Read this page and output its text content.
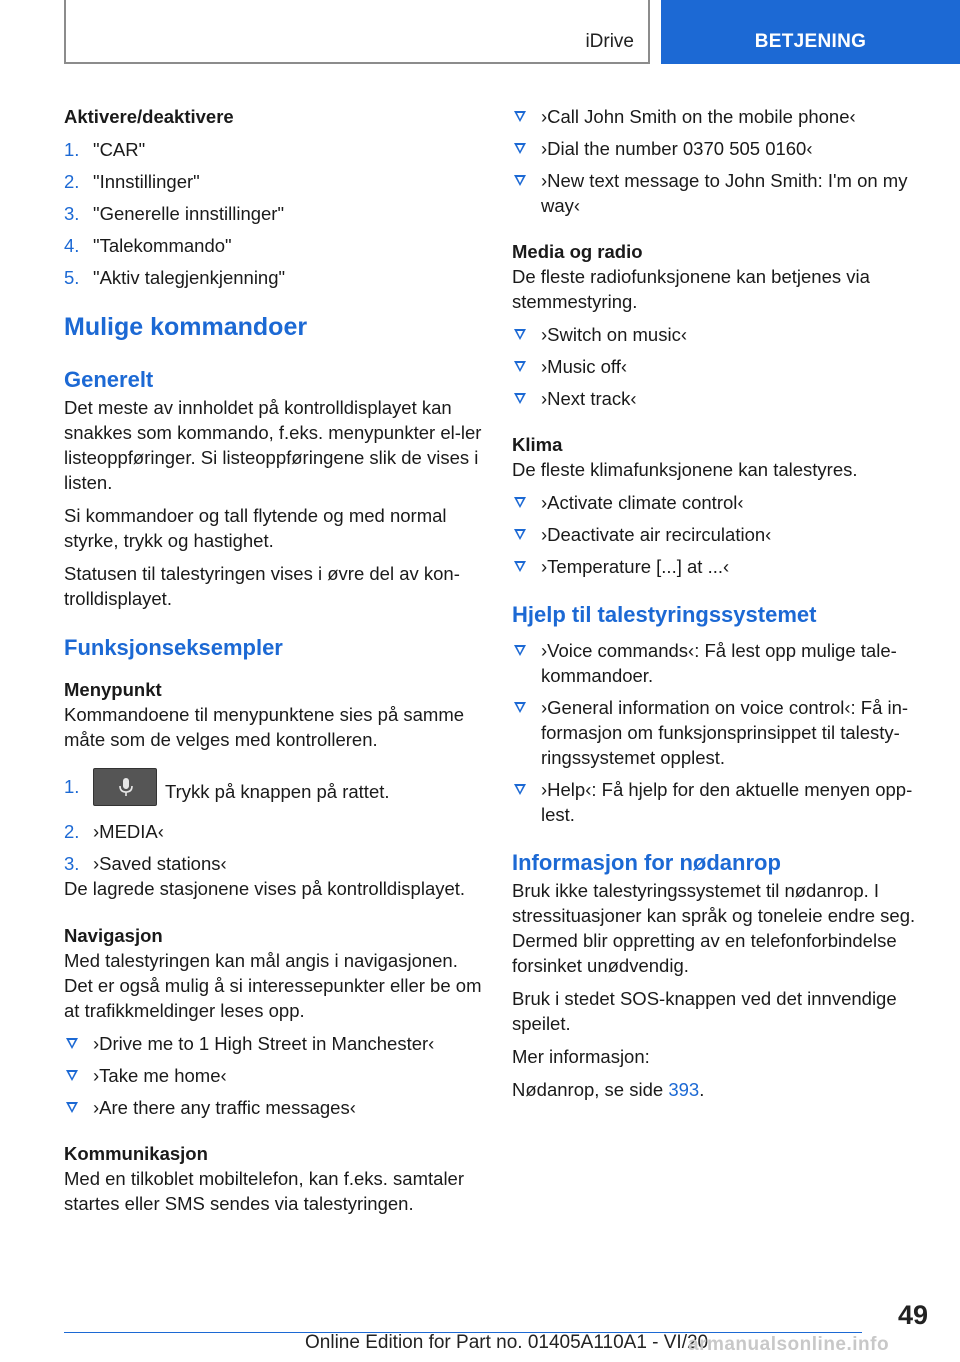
iDrive	BETJENING
Aktivere/deaktivere
1. "CAR"
2. "Innstillinger"
3. "Generelle innstillinger"
4. "Talekommando"
5. "Aktiv talegjenkjenning"
Mulige kommandoer
Generelt
Det meste av innholdet på kontrolldisplayet kan snakkes som kommando, f.eks. menypunkter el-ler listeoppføringer. Si listeoppføringene slik de vises i listen.
Si kommandoer og tall flytende og med normal styrke, trykk og hastighet.
Statusen til talestyringen vises i øvre del av kon-trolldisplayet.
Funksjonseksempler
Menypunkt
Kommandoene til menypunktene sies på samme måte som de velges med kontrolleren.
1.	Trykk på knappen på rattet.
2. ›MEDIA‹
3. ›Saved stations‹
De lagrede stasjonene vises på kontrolldisplayet.
Navigasjon
Med talestyringen kan mål angis i navigasjonen. Det er også mulig å si interessepunkter eller be om at trafikkmeldinger leses opp.
›Drive me to 1 High Street in Manchester‹
›Take me home‹
›Are there any traffic messages‹
Kommunikasjon
Med en tilkoblet mobiltelefon, kan f.eks. samtaler startes eller SMS sendes via talestyringen.
›Call John Smith on the mobile phone‹
›Dial the number 0370 505 0160‹
›New text message to John Smith: I'm on my way‹
Media og radio
De fleste radiofunksjonene kan betjenes via stemmestyring.
›Switch on music‹
›Music off‹
›Next track‹
Klima
De fleste klimafunksjonene kan talestyres.
›Activate climate control‹
›Deactivate air recirculation‹
›Temperature [...] at ...‹
Hjelp til talestyringssystemet
›Voice commands‹: Få lest opp mulige tale-kommandoer.
›General information on voice control‹: Få in-formasjon om funksjonsprinsippet til talesty-ringssystemet opplest.
›Help‹: Få hjelp for den aktuelle menyen opp-lest.
Informasjon for nødanrop
Bruk ikke talestyringssystemet til nødanrop. I stressituasjoner kan språk og toneleie endre seg. Dermed blir oppretting av en telefonforbindelse forsinket unødvendig.
Bruk i stedet SOS-knappen ved det innvendige speilet.
Mer informasjon:
Nødanrop, se side 393.
49
Online Edition for Part no. 01405A110A1 - VI/20
armanualsonline.info
